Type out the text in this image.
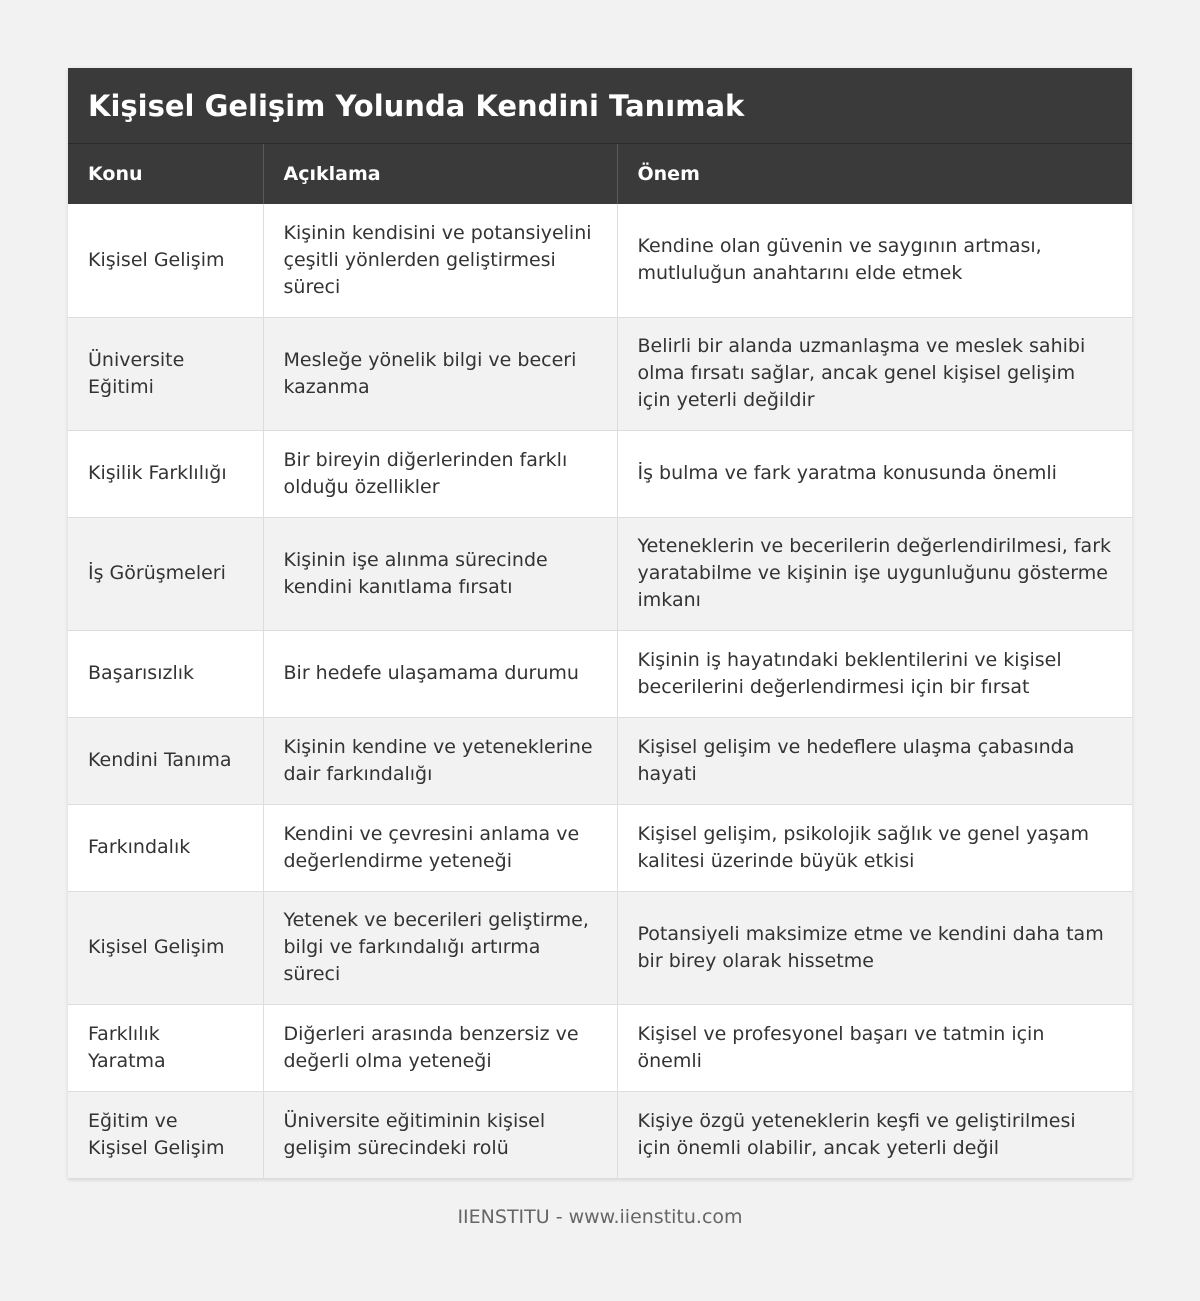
Kişisel Gelişim Yolunda Kendini Tanımak
Konu	Açıklama	Önem
Kişisel Gelişim	Kişinin kendisini ve potansiyelini çeşitli yönlerden geliştirmesi süreci	Kendine olan güvenin ve saygının artması, mutluluğun anahtarını elde etmek
Üniversite Eğitimi	Mesleğe yönelik bilgi ve beceri kazanma	Belirli bir alanda uzmanlaşma ve meslek sahibi olma fırsatı sağlar, ancak genel kişisel gelişim için yeterli değildir
Kişilik Farklılığı	Bir bireyin diğerlerinden farklı olduğu özellikler	İş bulma ve fark yaratma konusunda önemli
İş Görüşmeleri	Kişinin işe alınma sürecinde kendini kanıtlama fırsatı	Yeteneklerin ve becerilerin değerlendirilmesi, fark yaratabilme ve kişinin işe uygunluğunu gösterme imkanı
Başarısızlık	Bir hedefe ulaşamama durumu	Kişinin iş hayatındaki beklentilerini ve kişisel becerilerini değerlendirmesi için bir fırsat
Kendini Tanıma	Kişinin kendine ve yeteneklerine dair farkındalığı	Kişisel gelişim ve hedeflere ulaşma çabasında hayati
Farkındalık	Kendini ve çevresini anlama ve değerlendirme yeteneği	Kişisel gelişim, psikolojik sağlık ve genel yaşam kalitesi üzerinde büyük etkisi
Kişisel Gelişim	Yetenek ve becerileri geliştirme, bilgi ve farkındalığı artırma süreci	Potansiyeli maksimize etme ve kendini daha tam bir birey olarak hissetme
Farklılık Yaratma	Diğerleri arasında benzersiz ve değerli olma yeteneği	Kişisel ve profesyonel başarı ve tatmin için önemli
Eğitim ve Kişisel Gelişim	Üniversite eğitiminin kişisel gelişim sürecindeki rolü	Kişiye özgü yeteneklerin keşfi ve geliştirilmesi için önemli olabilir, ancak yeterli değil
IIENSTITU - www.iienstitu.com
